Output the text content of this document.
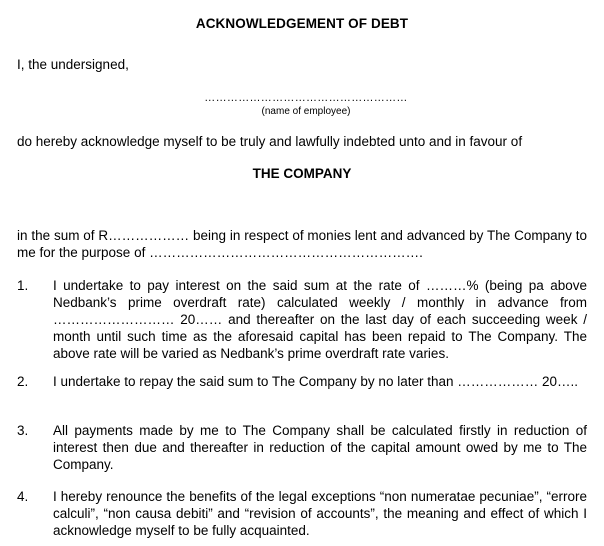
ACKNOWLEDGEMENT OF DEBT
I, the undersigned,
………………………………………………
(name of employee)
do hereby acknowledge myself to be truly and lawfully indebted unto and in favour of
THE COMPANY
in the sum of R……………… being in respect of monies lent and advanced by The Company to me for the purpose of …………………………………………………….
1.	I undertake to pay interest on the said sum at the rate of ………% (being pa above Nedbank’s prime overdraft rate) calculated weekly / monthly in advance from ……………………… 20…… and thereafter on the last day of each succeeding week / month until such time as the aforesaid capital has been repaid to The Company. The above rate will be varied as Nedbank’s prime overdraft rate varies.
2.	I undertake to repay the said sum to The Company by no later than ……………… 20…..
3.	All payments made by me to The Company shall be calculated firstly in reduction of interest then due and thereafter in reduction of the capital amount owed by me to The Company.
4.	I hereby renounce the benefits of the legal exceptions “non numeratae pecuniae”, “errore calculi”, “non causa debiti” and “revision of accounts”, the meaning and effect of which I acknowledge myself to be fully acquainted.
